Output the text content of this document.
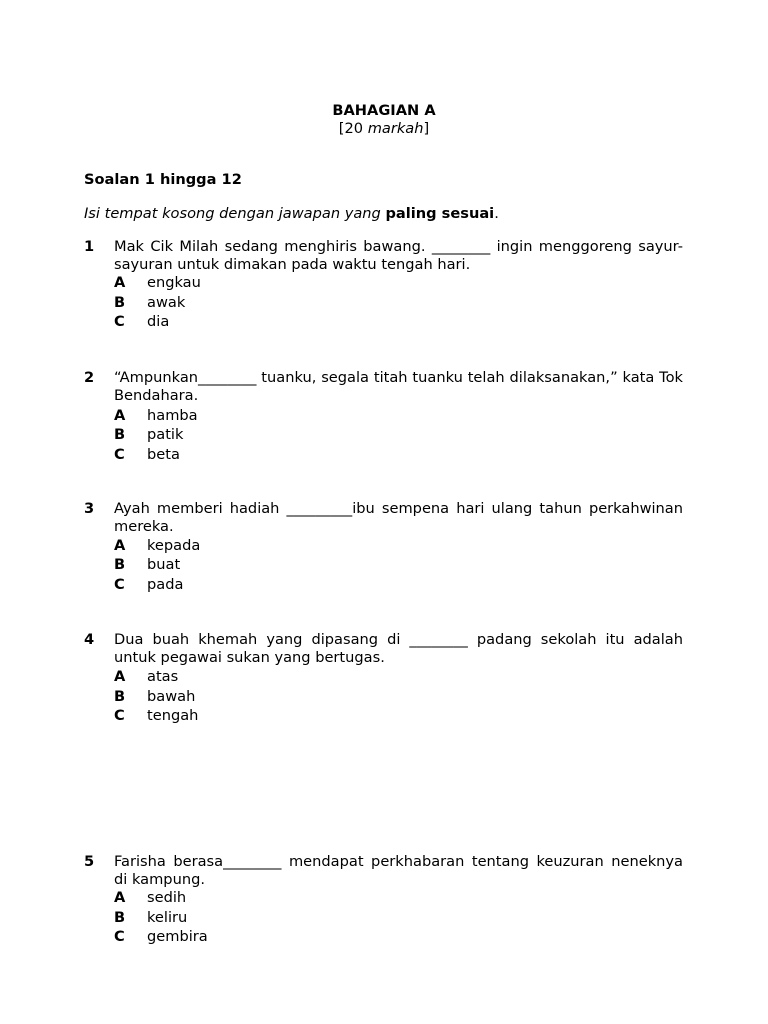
BAHAGIAN A
[20 markah]
Soalan 1 hingga 12
Isi tempat kosong dengan jawapan yang paling sesuai.
1 Mak Cik Milah sedang menghiris bawang. ________ ingin menggoreng sayur-sayuran untuk dimakan pada waktu tengah hari.
A engkau
B awak
C dia
2 “Ampunkan________ tuanku, segala titah tuanku telah dilaksanakan,” kata Tok Bendahara.
A hamba
B patik
C beta
3 Ayah memberi hadiah _________ibu sempena hari ulang tahun perkahwinan mereka.
A kepada
B buat
C pada
4 Dua buah khemah yang dipasang di ________ padang sekolah itu adalah untuk pegawai sukan yang bertugas.
A atas
B bawah
C tengah
5 Farisha berasa________ mendapat perkhabaran tentang keuzuran neneknya di kampung.
A sedih
B keliru
C gembira
